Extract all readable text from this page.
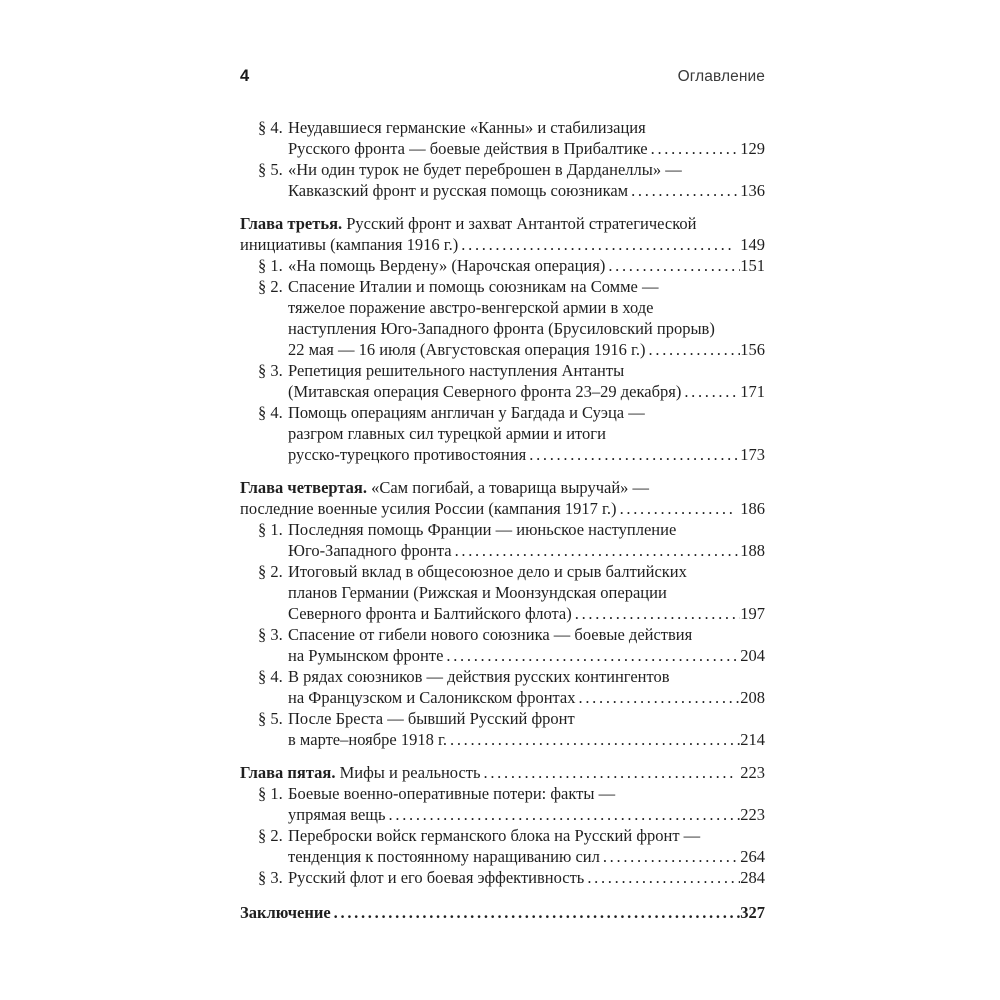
4	Оглавление
§ 4. Неудавшиеся германские «Канны» и стабилизация
Русского фронта — боевые действия в Прибалтике .....	129
§ 5. «Ни один турок не будет переброшен в Дарданеллы» —
Кавказский фронт и русская помощь союзникам .....	136
Глава третья. Русский фронт и захват Антантой стратегической
инициативы (кампания 1916 г.) .....	149
§ 1. «На помощь Вердену» (Нарочская операция) .....	151
§ 2. Спасение Италии и помощь союзникам на Сомме —
тяжелое поражение австро-венгерской армии в ходе
наступления Юго-Западного фронта (Брусиловский прорыв)
22 мая — 16 июля (Августовская операция 1916 г.) .....	156
§ 3. Репетиция решительного наступления Антанты
(Митавская операция Северного фронта 23–29 декабря) .....	171
§ 4. Помощь операциям англичан у Багдада и Суэца —
разгром главных сил турецкой армии и итоги
русско-турецкого противостояния .....	173
Глава четвертая. «Сам погибай, а товарища выручай» —
последние военные усилия России (кампания 1917 г.) .....	186
§ 1. Последняя помощь Франции — июньское наступление
Юго-Западного фронта .....	188
§ 2. Итоговый вклад в общесоюзное дело и срыв балтийских
планов Германии (Рижская и Моонзундская операции
Северного фронта и Балтийского флота) .....	197
§ 3. Спасение от гибели нового союзника — боевые действия
на Румынском фронте .....	204
§ 4. В рядах союзников — действия русских контингентов
на Французском и Салоникском фронтах .....	208
§ 5. После Бреста — бывший Русский фронт
в марте–ноябре 1918 г. .....	214
Глава пятая. Мифы и реальность .....	223
§ 1. Боевые военно-оперативные потери: факты —
упрямая вещь .....	223
§ 2. Переброски войск германского блока на Русский фронт —
тенденция к постоянному наращиванию сил .....	264
§ 3. Русский флот и его боевая эффективность .....	284
Заключение .....	327
